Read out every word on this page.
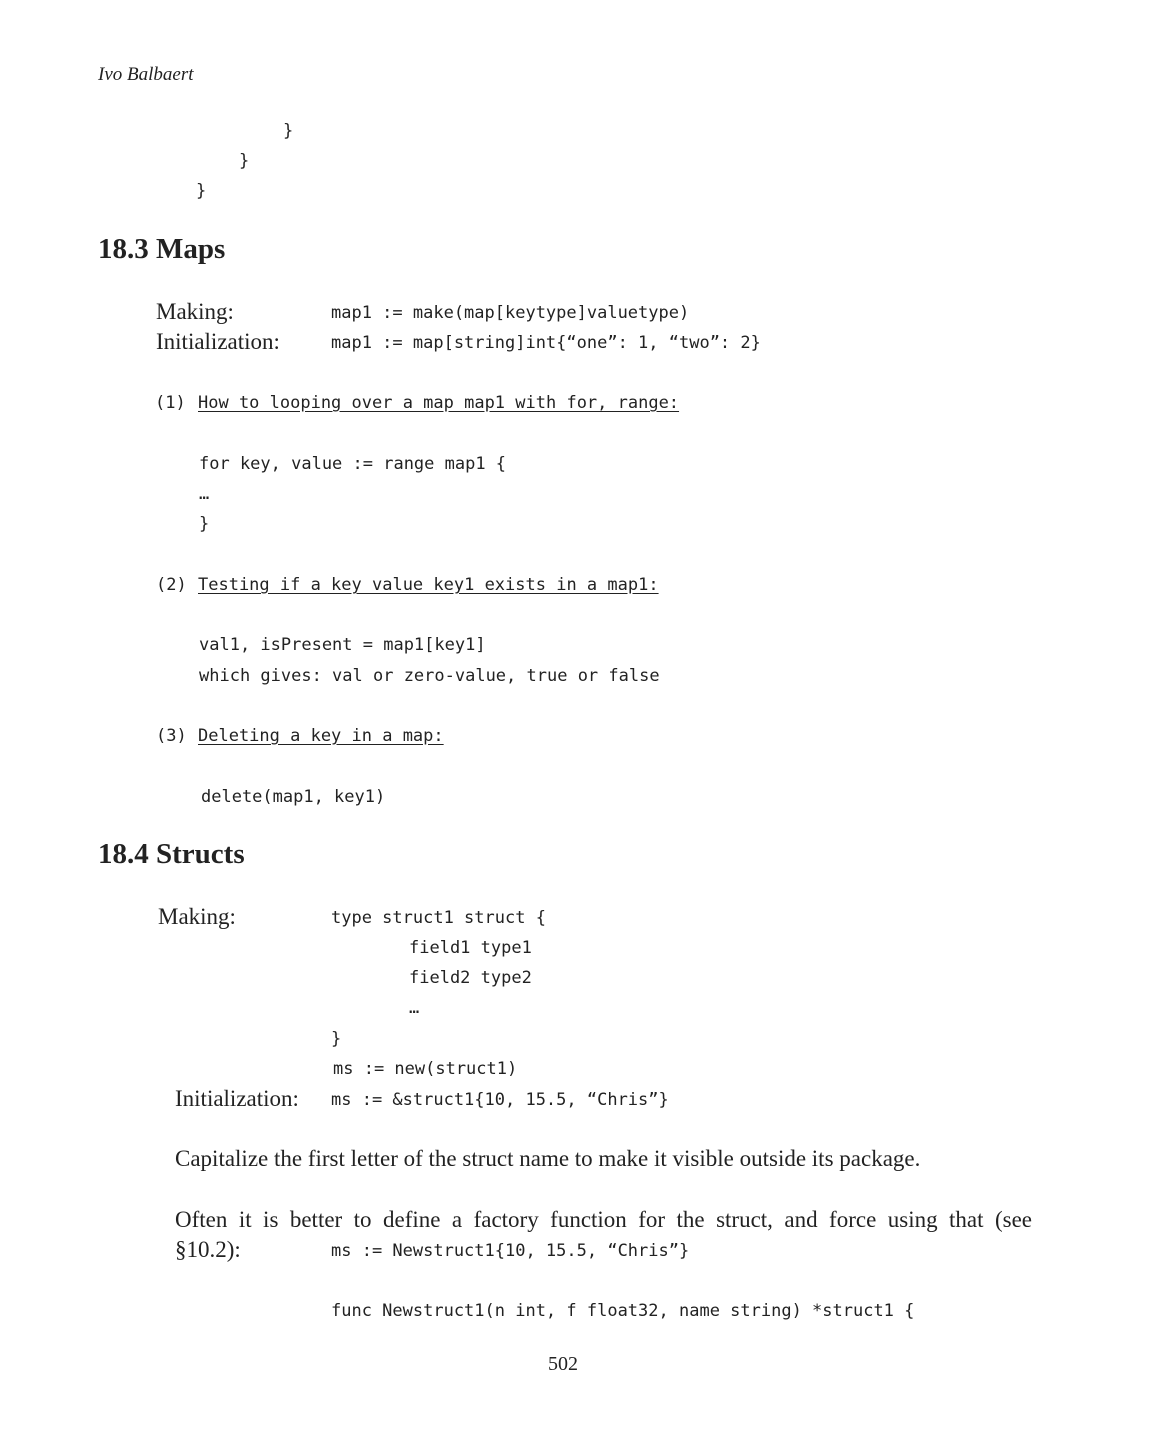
Ivo Balbaert
}
}
}
18.3 Maps
Making:	map1 := make(map[keytype]valuetype)
Initialization:	map1 := map[string]int{“one”: 1, “two”: 2}
(1) How to looping over a map map1 with for, range:
for key, value := range map1 {
…
}
(2) Testing if a key value key1 exists in a map1:
val1, isPresent = map1[key1]
which gives: val or zero-value, true or false
(3) Deleting a key in a map:
delete(map1, key1)
18.4 Structs
Making:	type struct1 struct {
field1 type1
field2 type2
…
}
ms := new(struct1)
Initialization: ms := &struct1{10, 15.5, “Chris”}
Capitalize the first letter of the struct name to make it visible outside its package.
Often it is better to define a factory function for the struct, and force using that (see
§10.2):	ms := Newstruct1{10, 15.5, “Chris”}
func Newstruct1(n int, f float32, name string) *struct1 {
502
